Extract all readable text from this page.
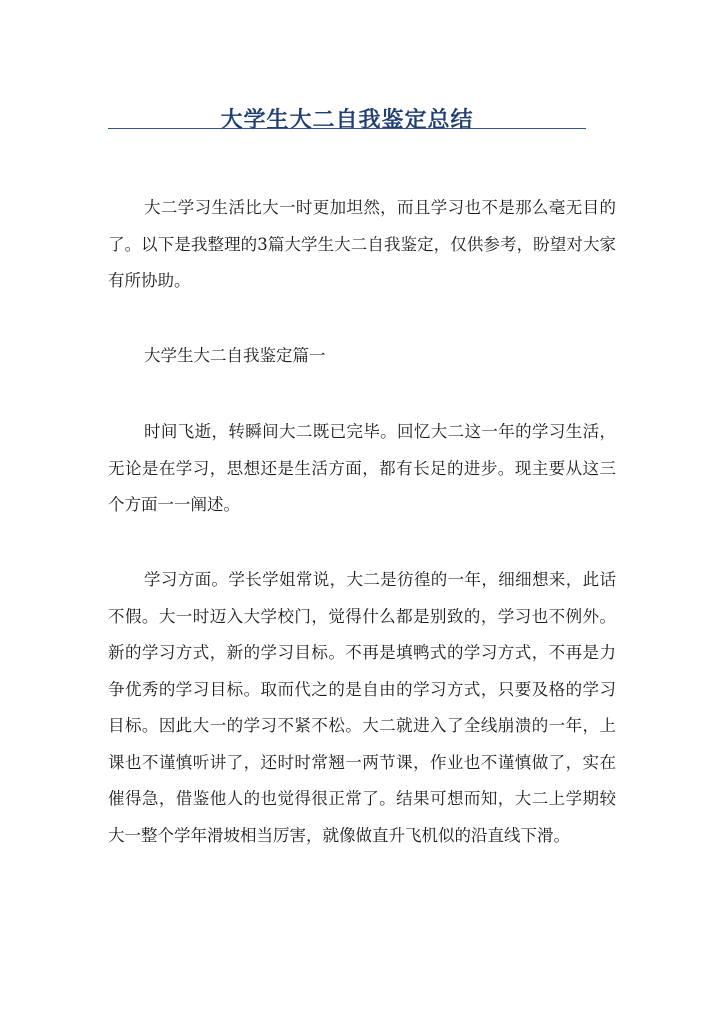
大学生大二自我鉴定总结

大二学习生活比大一时更加坦然，而且学习也不是那么毫无目的了。以下是我整理的3篇大学生大二自我鉴定，仅供参考，盼望对大家有所协助。

大学生大二自我鉴定篇一

时间飞逝，转瞬间大二既已完毕。回忆大二这一年的学习生活，无论是在学习，思想还是生活方面，都有长足的进步。现主要从这三个方面一一阐述。

学习方面。学长学姐常说，大二是彷徨的一年，细细想来，此话不假。大一时迈入大学校门，觉得什么都是别致的，学习也不例外。新的学习方式，新的学习目标。不再是填鸭式的学习方式，不再是力争优秀的学习目标。取而代之的是自由的学习方式，只要及格的学习目标。因此大一的学习不紧不松。大二就进入了全线崩溃的一年，上课也不谨慎听讲了，还时时常翘一两节课，作业也不谨慎做了，实在催得急，借鉴他人的也觉得很正常了。结果可想而知，大二上学期较大一整个学年滑坡相当厉害，就像做直升飞机似的沿直线下滑。
